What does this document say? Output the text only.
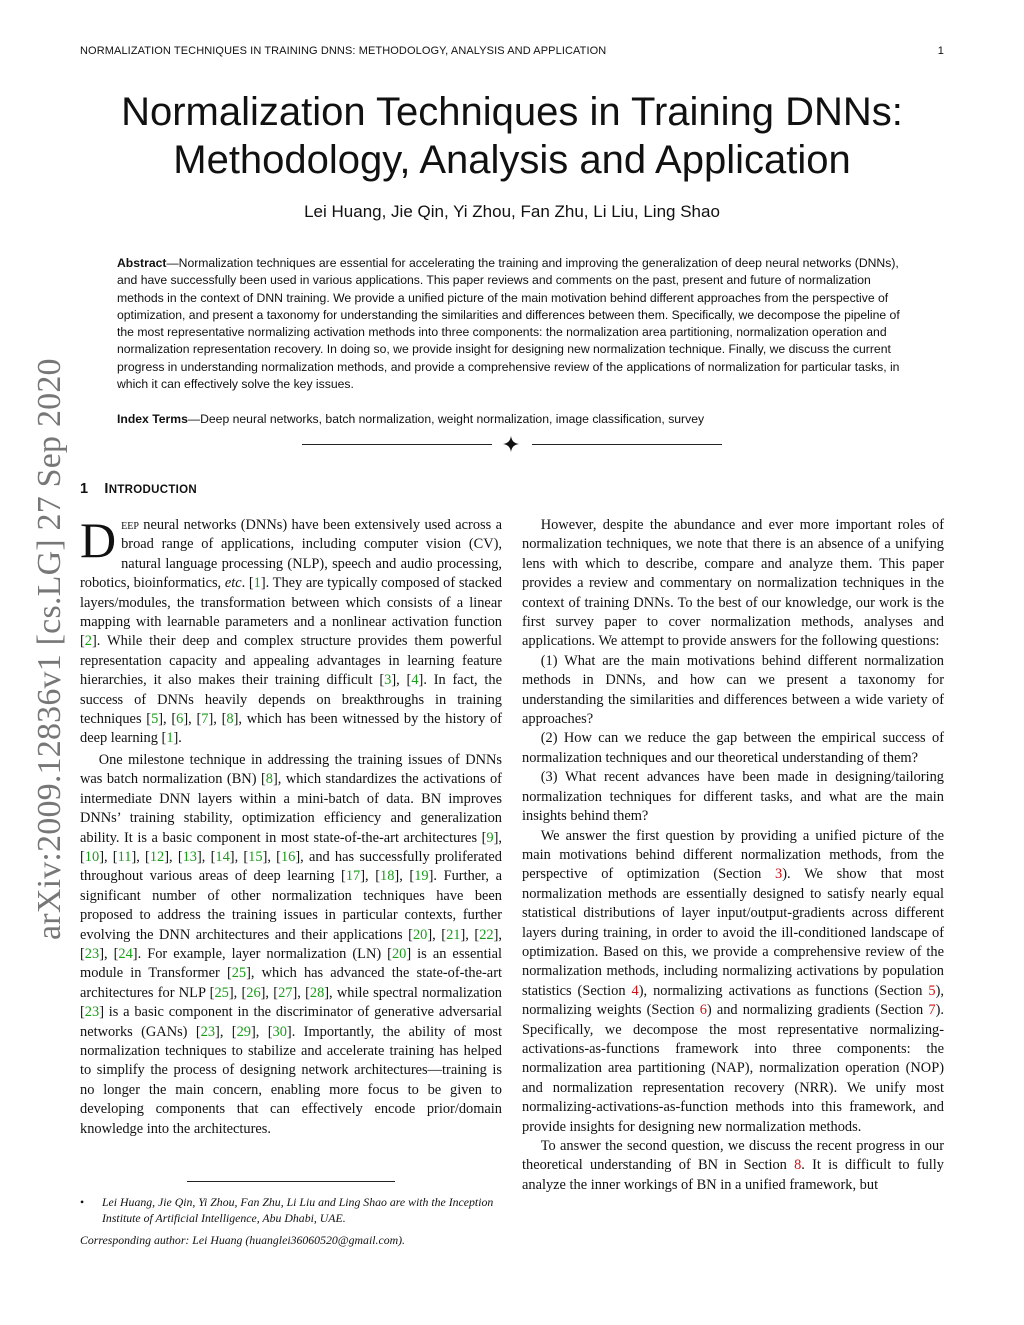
NORMALIZATION TECHNIQUES IN TRAINING DNNS: METHODOLOGY, ANALYSIS AND APPLICATION	1
arXiv:2009.12836v1 [cs.LG] 27 Sep 2020
Normalization Techniques in Training DNNs:
Methodology, Analysis and Application
Lei Huang, Jie Qin, Yi Zhou, Fan Zhu, Li Liu, Ling Shao
Abstract—Normalization techniques are essential for accelerating the training and improving the generalization of deep neural networks (DNNs), and have successfully been used in various applications. This paper reviews and comments on the past, present and future of normalization methods in the context of DNN training. We provide a unified picture of the main motivation behind different approaches from the perspective of optimization, and present a taxonomy for understanding the similarities and differences between them. Specifically, we decompose the pipeline of the most representative normalizing activation methods into three components: the normalization area partitioning, normalization operation and normalization representation recovery. In doing so, we provide insight for designing new normalization technique. Finally, we discuss the current progress in understanding normalization methods, and provide a comprehensive review of the applications of normalization for particular tasks, in which it can effectively solve the key issues.
Index Terms—Deep neural networks, batch normalization, weight normalization, image classification, survey
1 INTRODUCTION

Deep neural networks (DNNs) have been extensively used across a broad range of applications, including computer vision (CV), natural language processing (NLP), speech and audio processing, robotics, bioinformatics, etc. [1]. They are typically composed of stacked layers/modules, the transformation between which consists of a linear mapping with learnable parameters and a nonlinear activation function [2]. While their deep and complex structure provides them powerful representation capacity and appealing advantages in learning feature hierarchies, it also makes their training difficult [3], [4]. In fact, the success of DNNs heavily depends on breakthroughs in training techniques [5], [6], [7], [8], which has been witnessed by the history of deep learning [1].

One milestone technique in addressing the training issues of DNNs was batch normalization (BN) [8], which standardizes the activations of intermediate DNN layers within a mini-batch of data. BN improves DNNs’ training stability, optimization efficiency and generalization ability. It is a basic component in most state-of-the-art architectures [9], [10], [11], [12], [13], [14], [15], [16], and has successfully proliferated throughout various areas of deep learning [17], [18], [19]. Further, a significant number of other normalization techniques have been proposed to address the training issues in particular contexts, further evolving the DNN architectures and their applications [20], [21], [22], [23], [24]. For example, layer normalization (LN) [20] is an essential module in Transformer [25], which has advanced the state-of-the-art architectures for NLP [25], [26], [27], [28], while spectral normalization [23] is a basic component in the discriminator of generative adversarial networks (GANs) [23], [29], [30]. Importantly, the ability of most normalization techniques to stabilize and accelerate training has helped to simplify the process of designing network architectures—training is no longer the main concern, enabling more focus to be given to developing components that can effectively encode prior/domain knowledge into the architectures.

However, despite the abundance and ever more important roles of normalization techniques, we note that there is an absence of a unifying lens with which to describe, compare and analyze them. This paper provides a review and commentary on normalization techniques in the context of training DNNs. To the best of our knowledge, our work is the first survey paper to cover normalization methods, analyses and applications. We attempt to provide answers for the following questions:

(1) What are the main motivations behind different normalization methods in DNNs, and how can we present a taxonomy for understanding the similarities and differences between a wide variety of approaches?

(2) How can we reduce the gap between the empirical success of normalization techniques and our theoretical understanding of them?

(3) What recent advances have been made in designing/tailoring normalization techniques for different tasks, and what are the main insights behind them?

We answer the first question by providing a unified picture of the main motivations behind different normalization methods, from the perspective of optimization (Section 3). We show that most normalization methods are essentially designed to satisfy nearly equal statistical distributions of layer input/output-gradients across different layers during training, in order to avoid the ill-conditioned landscape of optimization. Based on this, we provide a comprehensive review of the normalization methods, including normalizing activations by population statistics (Section 4), normalizing activations as functions (Section 5), normalizing weights (Section 6) and normalizing gradients (Section 7). Specifically, we decompose the most representative normalizing-activations-as-functions framework into three components: the normalization area partitioning (NAP), normalization operation (NOP) and normalization representation recovery (NRR). We unify most normalizing-activations-as-function methods into this framework, and provide insights for designing new normalization methods.

To answer the second question, we discuss the recent progress in our theoretical understanding of BN in Section 8. It is difficult to fully analyze the inner workings of BN in a unified framework, but

•	Lei Huang, Jie Qin, Yi Zhou, Fan Zhu, Li Liu and Ling Shao are with the Inception Institute of Artificial Intelligence, Abu Dhabi, UAE.
Corresponding author: Lei Huang (huanglei36060520@gmail.com).
